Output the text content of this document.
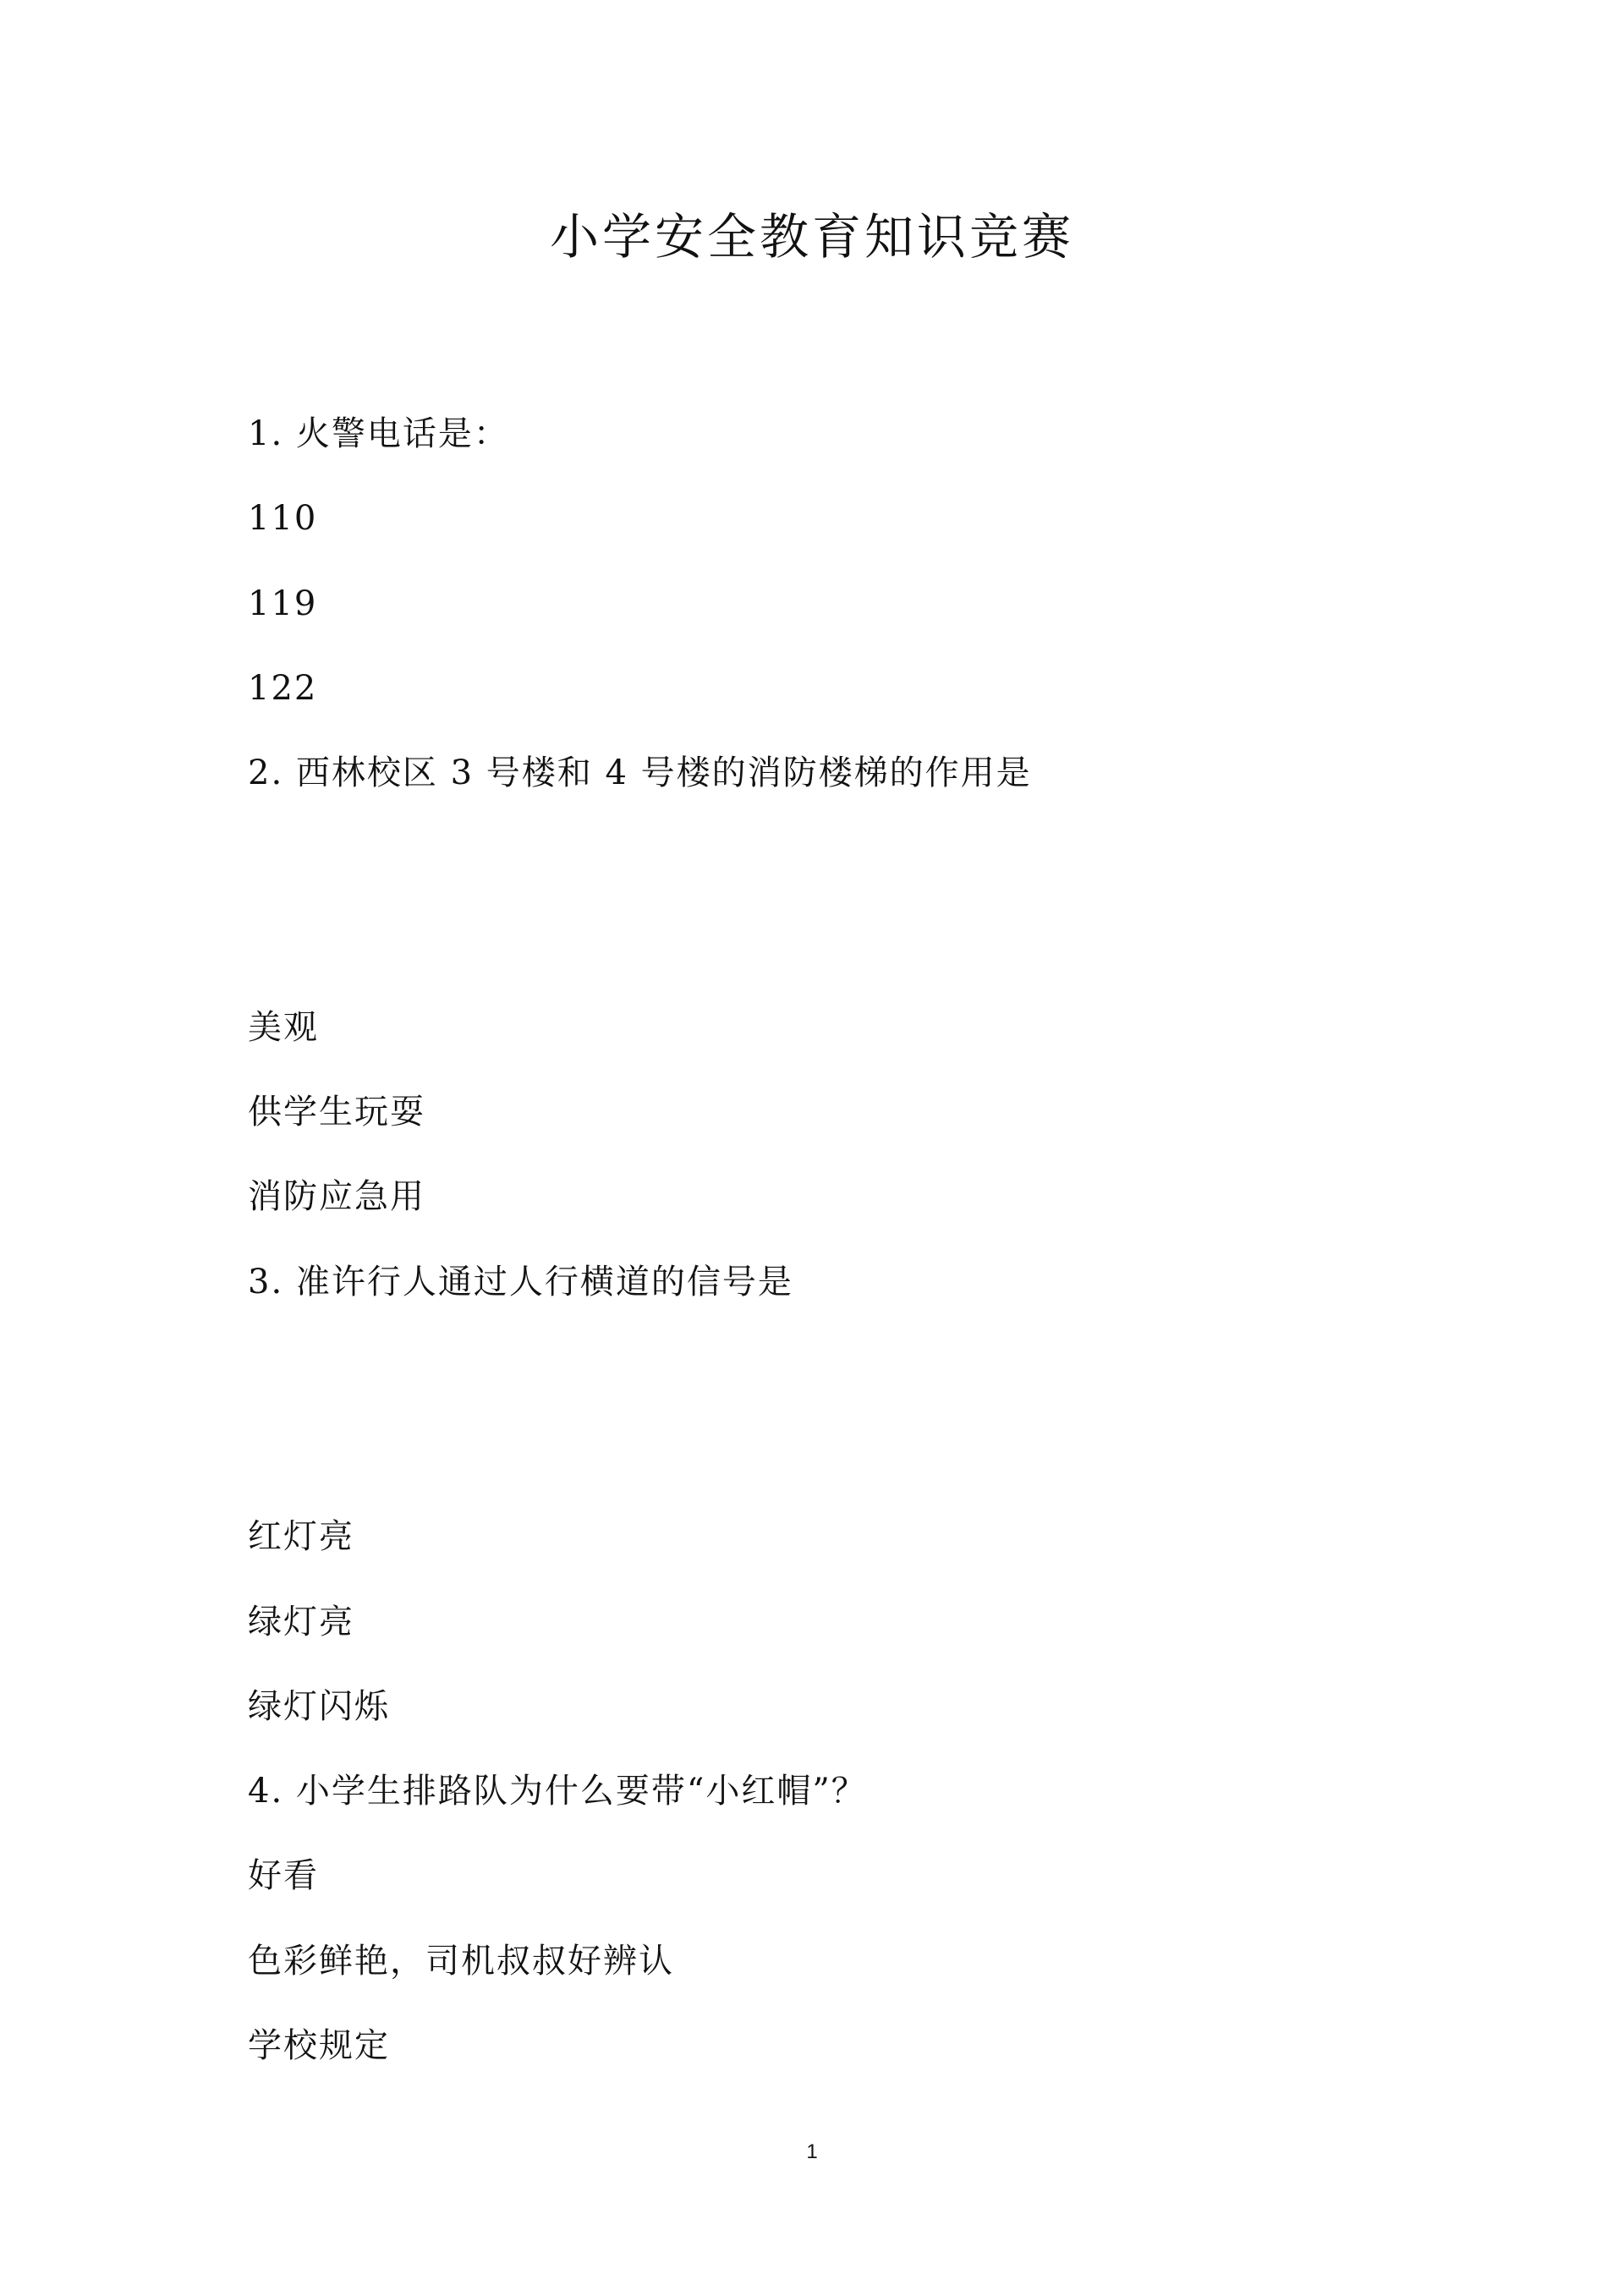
小学安全教育知识竞赛
1. 火警电话是：
110
119
122
2. 西林校区 3 号楼和 4 号楼的消防楼梯的作用是
美观
供学生玩耍
消防应急用
3. 准许行人通过人行横道的信号是
红灯亮
绿灯亮
绿灯闪烁
4. 小学生排路队为什么要带“小红帽”？
好看
色彩鲜艳，司机叔叔好辨认
学校规定
1
